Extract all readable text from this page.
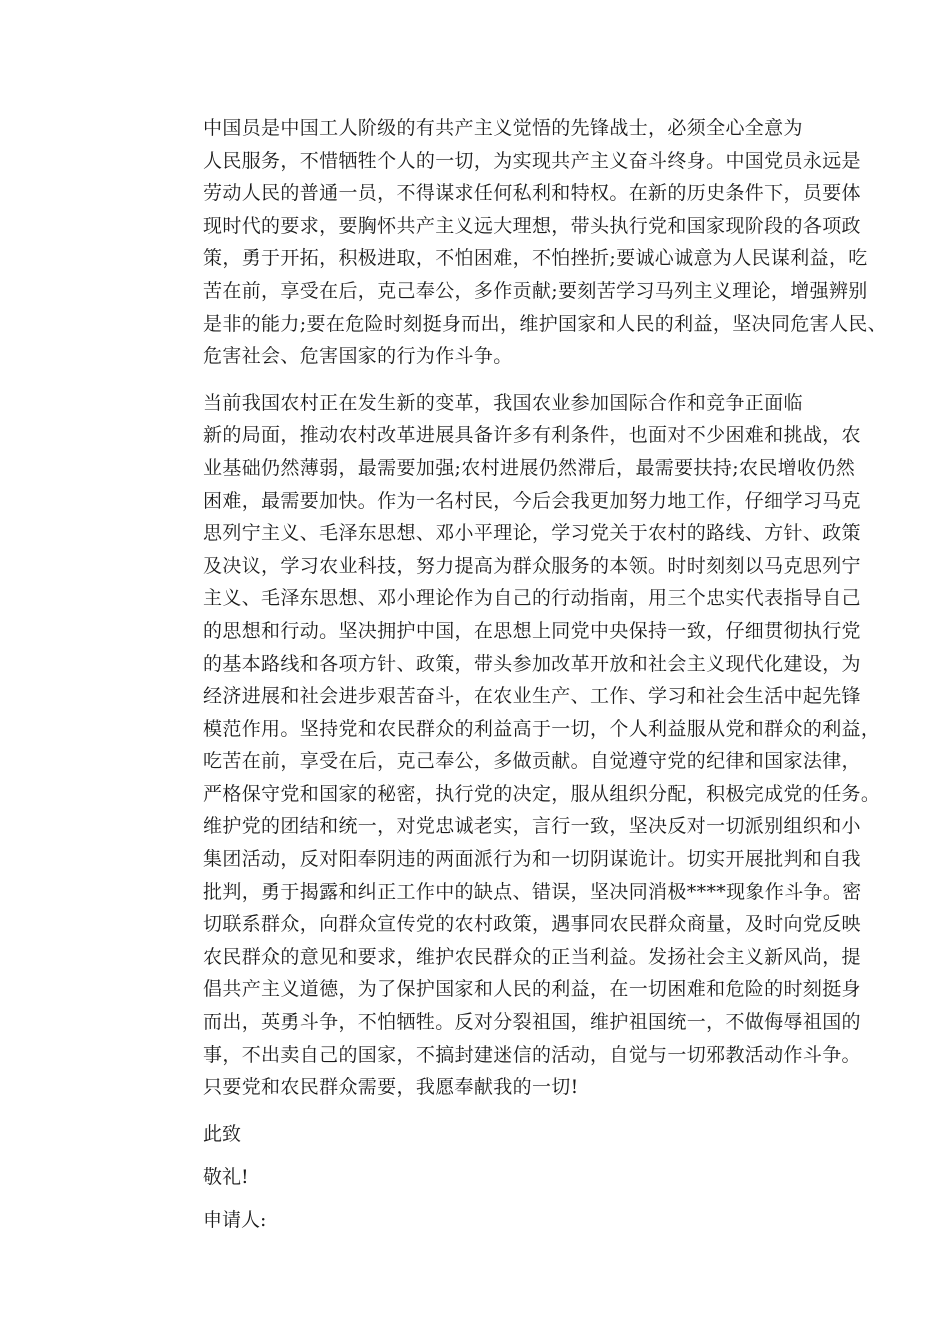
中国员是中国工人阶级的有共产主义觉悟的先锋战士，必须全心全意为
人民服务，不惜牺牲个人的一切，为实现共产主义奋斗终身。中国党员永远是
劳动人民的普通一员，不得谋求任何私利和特权。在新的历史条件下，员要体
现时代的要求，要胸怀共产主义远大理想，带头执行党和国家现阶段的各项政
策，勇于开拓，积极进取，不怕困难，不怕挫折;要诚心诚意为人民谋利益，吃
苦在前，享受在后，克己奉公，多作贡献;要刻苦学习马列主义理论，增强辨别
是非的能力;要在危险时刻挺身而出，维护国家和人民的利益，坚决同危害人民、
危害社会、危害国家的行为作斗争。

当前我国农村正在发生新的变革，我国农业参加国际合作和竞争正面临
新的局面，推动农村改革进展具备许多有利条件，也面对不少困难和挑战，农
业基础仍然薄弱，最需要加强;农村进展仍然滞后，最需要扶持;农民增收仍然
困难，最需要加快。作为一名村民，今后会我更加努力地工作，仔细学习马克
思列宁主义、毛泽东思想、邓小平理论，学习党关于农村的路线、方针、政策
及决议，学习农业科技，努力提高为群众服务的本领。时时刻刻以马克思列宁
主义、毛泽东思想、邓小理论作为自己的行动指南，用三个忠实代表指导自己
的思想和行动。坚决拥护中国，在思想上同党中央保持一致，仔细贯彻执行党
的基本路线和各项方针、政策，带头参加改革开放和社会主义现代化建设，为
经济进展和社会进步艰苦奋斗，在农业生产、工作、学习和社会生活中起先锋
模范作用。坚持党和农民群众的利益高于一切，个人利益服从党和群众的利益，
吃苦在前，享受在后，克己奉公，多做贡献。自觉遵守党的纪律和国家法律，
严格保守党和国家的秘密，执行党的决定，服从组织分配，积极完成党的任务。
维护党的团结和统一，对党忠诚老实，言行一致，坚决反对一切派别组织和小
集团活动，反对阳奉阴违的两面派行为和一切阴谋诡计。切实开展批判和自我
批判，勇于揭露和纠正工作中的缺点、错误，坚决同消极****现象作斗争。密
切联系群众，向群众宣传党的农村政策，遇事同农民群众商量，及时向党反映
农民群众的意见和要求，维护农民群众的正当利益。发扬社会主义新风尚，提
倡共产主义道德，为了保护国家和人民的利益，在一切困难和危险的时刻挺身
而出，英勇斗争，不怕牺牲。反对分裂祖国，维护祖国统一，不做侮辱祖国的
事，不出卖自己的国家，不搞封建迷信的活动，自觉与一切邪教活动作斗争。
只要党和农民群众需要，我愿奉献我的一切!

此致

敬礼!

申请人:
